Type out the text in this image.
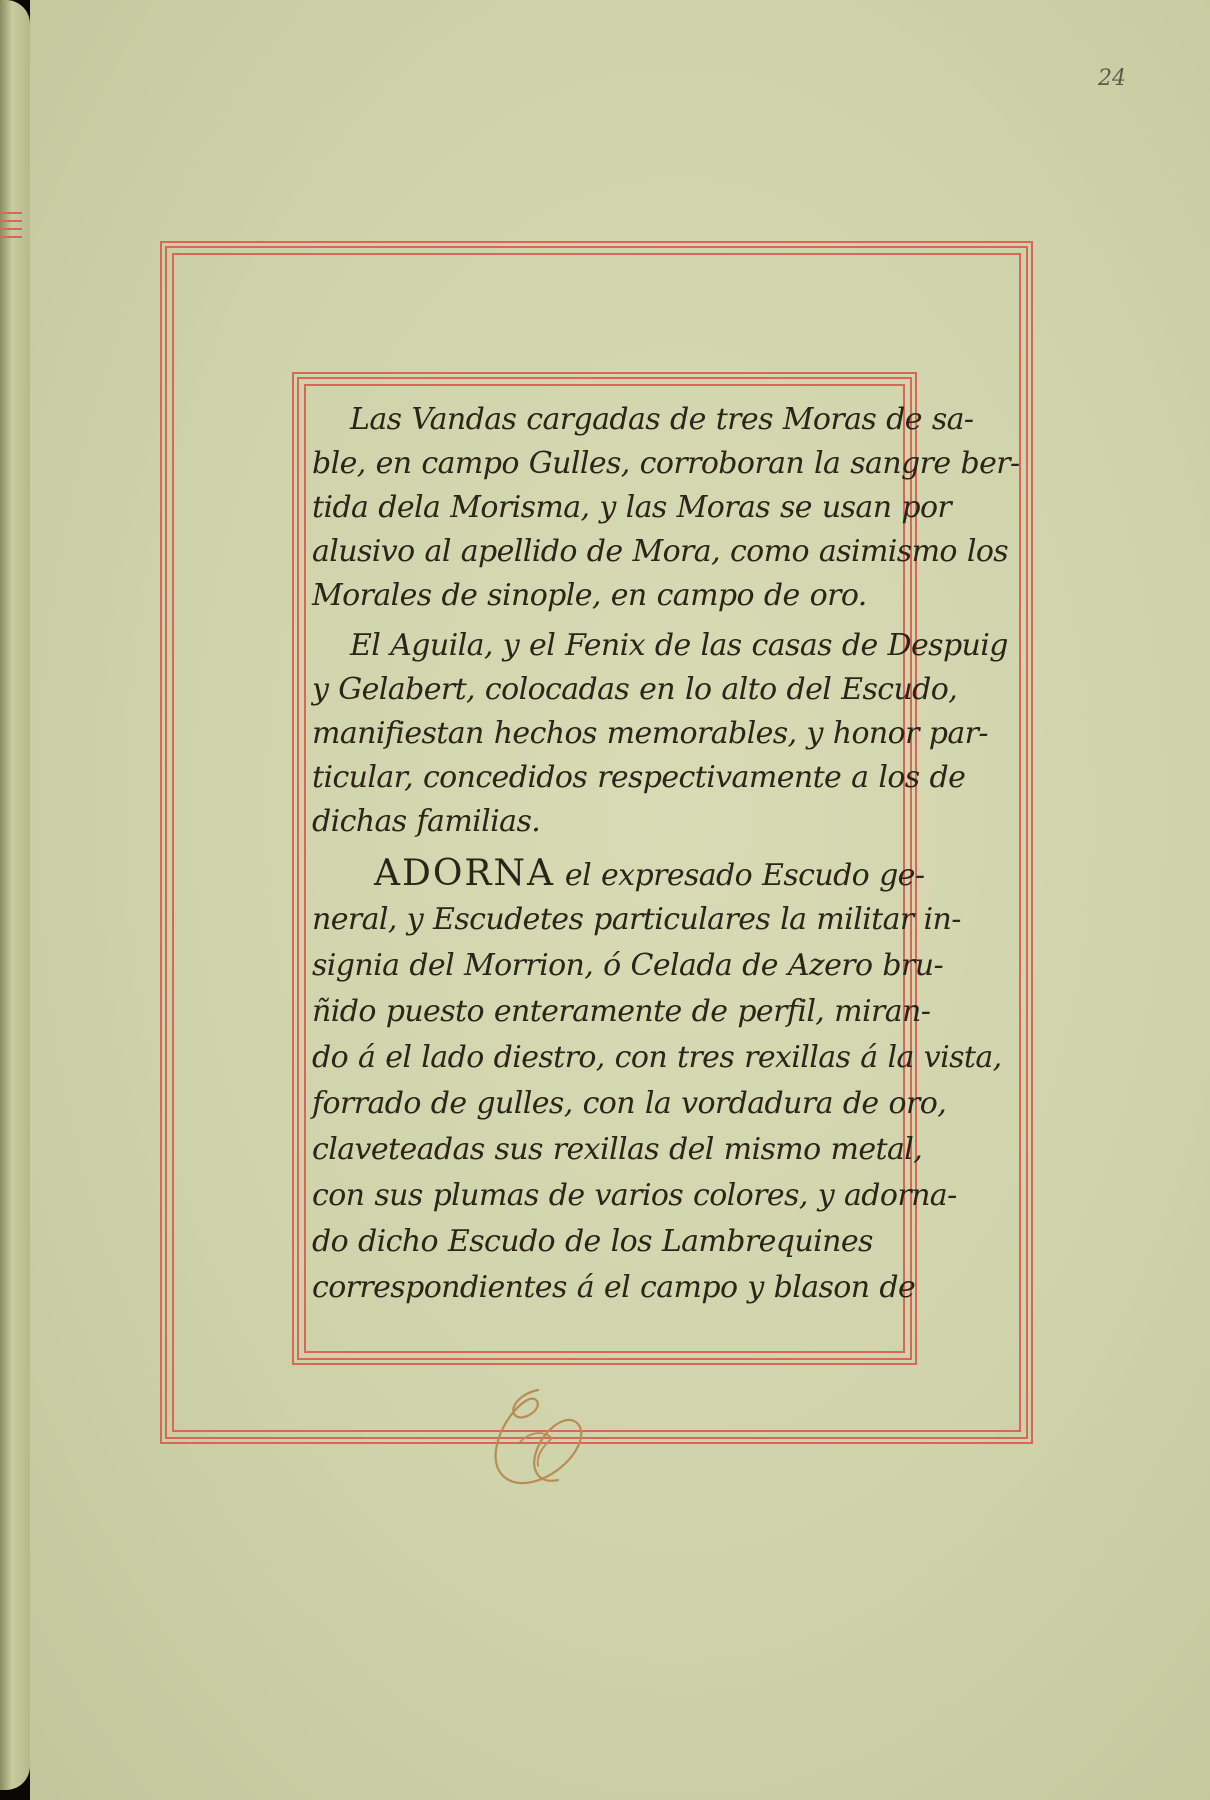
24
Las Vandas cargadas de tres Moras de sa-
ble, en campo Gulles, corroboran la sangre ber-
tida dela Morisma, y las Moras se usan por
alusivo al apellido de Mora, como asimismo los
Morales de sinople, en campo de oro.
El Aguila, y el Fenix de las casas de Despuig
y Gelabert, colocadas en lo alto del Escudo,
manifiestan hechos memorables, y honor par-
ticular, concedidos respectivamente a los de
dichas familias.
ADORNA el expresado Escudo ge-
neral, y Escudetes particulares la militar in-
signia del Morrion, ó Celada de Azero bru-
ñido puesto enteramente de perfil, miran-
do á el lado diestro, con tres rexillas á la vista,
forrado de gulles, con la vordadura de oro,
claveteadas sus rexillas del mismo metal,
con sus plumas de varios colores, y adorna-
do dicho Escudo de los Lambrequines
correspondientes á el campo y blason de
